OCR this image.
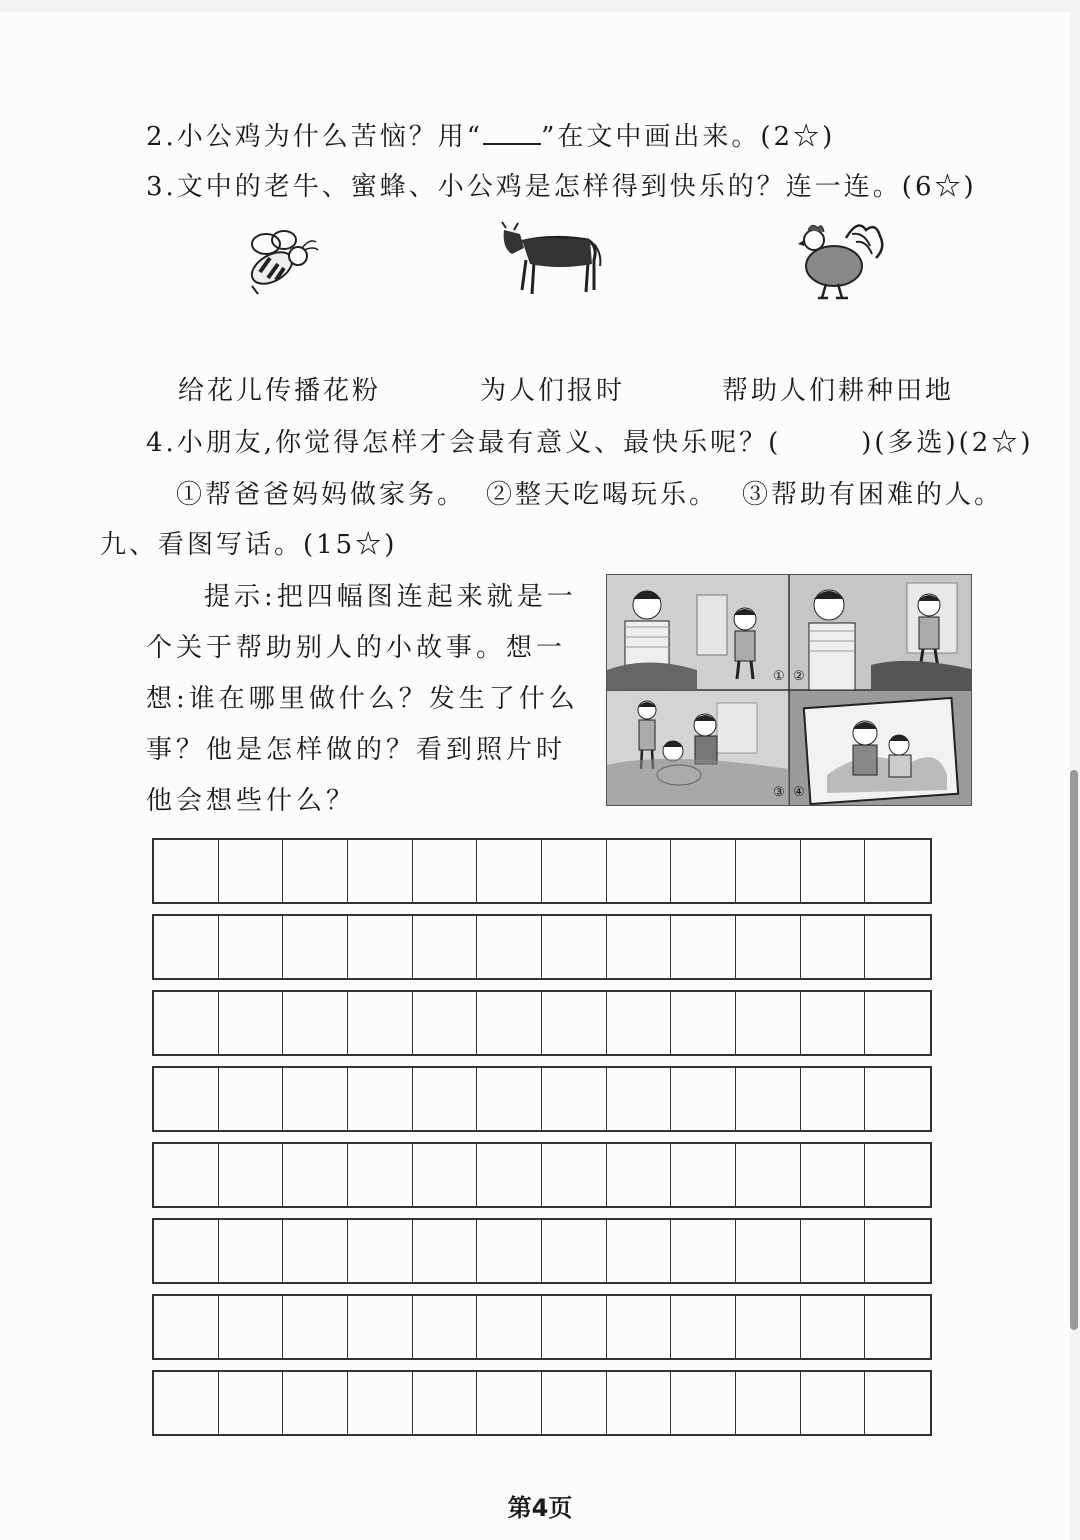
2.小公鸡为什么苦恼？用“ ”在文中画出来。(2☆)
3.文中的老牛、蜜蜂、小公鸡是怎样得到快乐的？连一连。(6☆)
给花儿传播花粉	为人们报时	帮助人们耕种田地
4.小朋友,你觉得怎样才会最有意义、最快乐呢？(	)(多选)(2☆)
①帮爸爸妈妈做家务。 ②整天吃喝玩乐。 ③帮助有困难的人。
九、看图写话。(15☆)
提示:把四幅图连起来就是一
个关于帮助别人的小故事。想一
想:谁在哪里做什么？发生了什么
事？他是怎样做的？看到照片时
他会想些什么？
① ②
③ ④
第4页
